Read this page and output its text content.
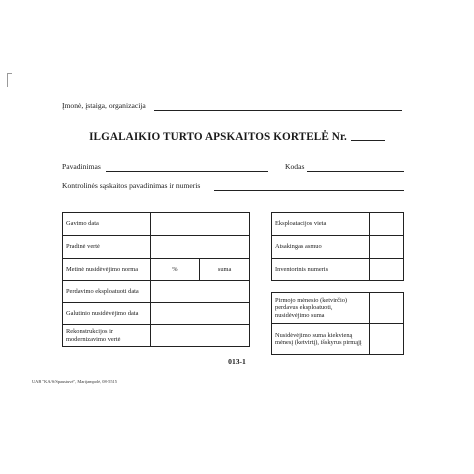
Įmonė, įstaiga, organizacija
ILGALAIKIO TURTO APSKAITOS KORTELĖ Nr.
Pavadinimas	Kodas
Kontrolinės sąskaitos pavadinimas ir numeris
Gavimo data		
Pradinė vertė		
Metinė nusidėvėjimo norma	%	suma
Perdavimo eksploatuoti data		
Galutinio nusidėvėjimo data		
Rekonstrukcijos ir modernizavimo vertė		
Eksploatacijos vieta	
Atsakingas asmuo	
Inventorinis numeris	
Pirmojo mėnesio (ketvirčio) perdavus eksploatuoti, nusidėvėjimo suma	
Nusidėvėjimo suma kiekvieną mėnesį (ketvirtį), išskyrus pirmąjį	
013-1
UAB "KA/S/Spaustuvė", Marijampolė, 08-5515
